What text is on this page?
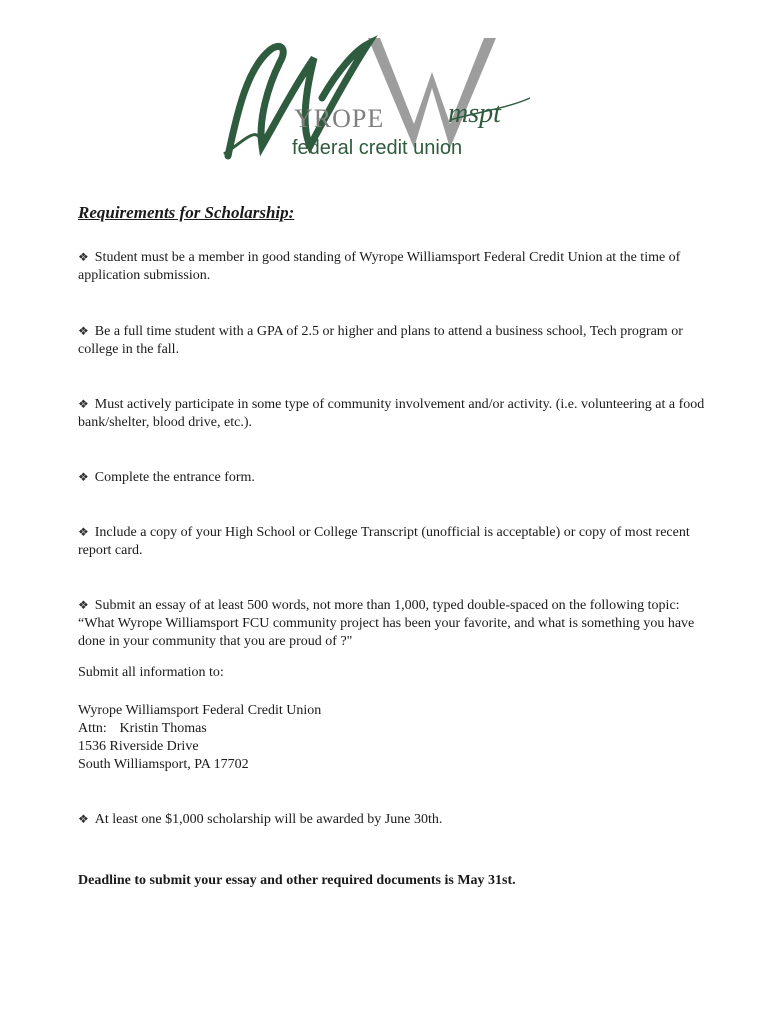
YROPE mspt
federal credit union

Requirements for Scholarship:

❖ Student must be a member in good standing of Wyrope Williamsport Federal Credit Union at the time of application submission.

❖ Be a full time student with a GPA of 2.5 or higher and plans to attend a business school, Tech program or college in the fall.

❖ Must actively participate in some type of community involvement and/or activity. (i.e. volunteering at a food bank/shelter, blood drive, etc.).

❖ Complete the entrance form.

❖ Include a copy of your High School or College Transcript (unofficial is acceptable) or copy of most recent report card.

❖ Submit an essay of at least 500 words, not more than 1,000, typed double-spaced on the following topic: “What Wyrope Williamsport FCU community project has been your favorite, and what is something you have done in your community that you are proud of ?"

Submit all information to:

Wyrope Williamsport Federal Credit Union
Attn: Kristin Thomas
1536 Riverside Drive
South Williamsport, PA 17702

❖ At least one $1,000 scholarship will be awarded by June 30th.

Deadline to submit your essay and other required documents is May 31st.
